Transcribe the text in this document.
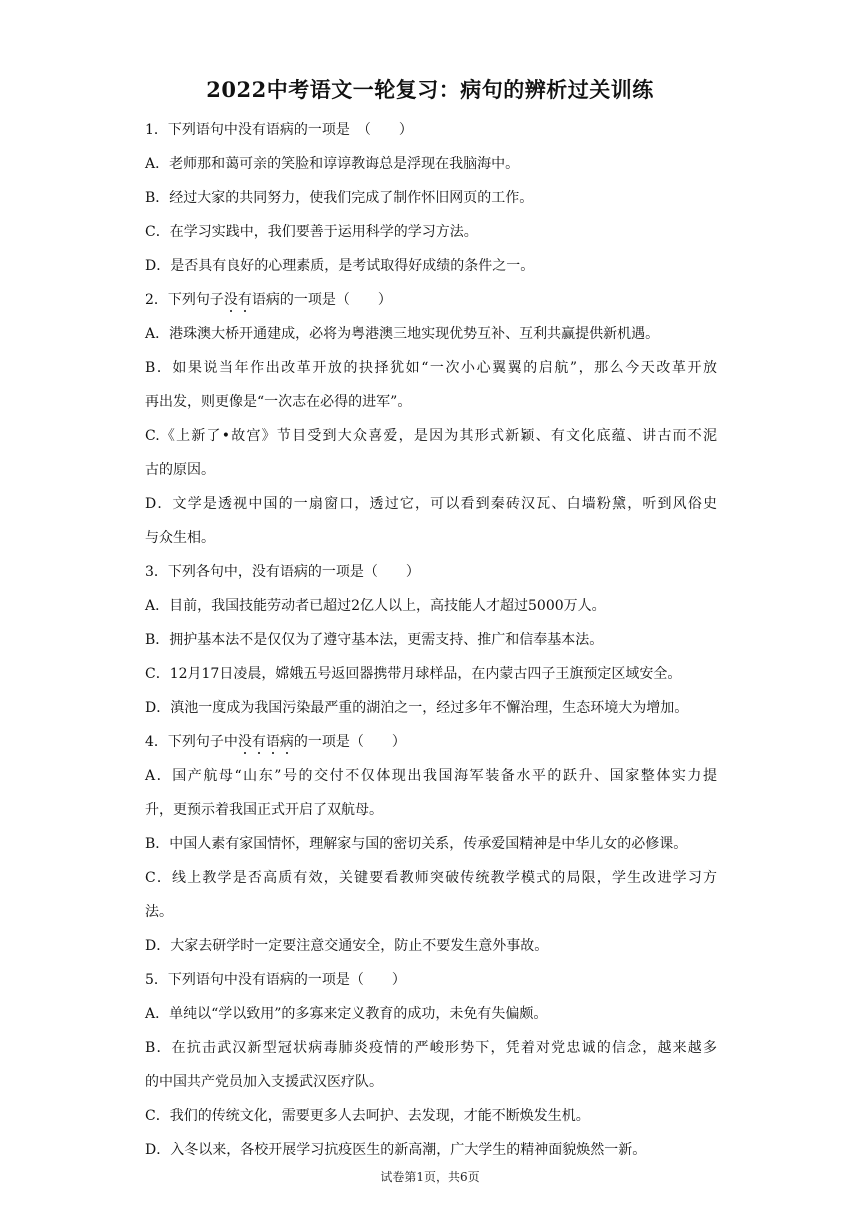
2022中考语文一轮复习：病句的辨析过关训练
1．下列语句中没有语病的一项是　（　　）
A．老师那和蔼可亲的笑脸和谆谆教诲总是浮现在我脑海中。
B．经过大家的共同努力，使我们完成了制作怀旧网页的工作。
C．在学习实践中，我们要善于运用科学的学习方法。
D．是否具有良好的心理素质，是考试取得好成绩的条件之一。
2．下列句子没有语病的一项是（　　）
A．港珠澳大桥开通建成，必将为粤港澳三地实现优势互补、互利共赢提供新机遇。
B．如果说当年作出改革开放的抉择犹如“一次小心翼翼的启航”，那么今天改革开放
再出发，则更像是“一次志在必得的进军”。
C.《上新了•故宫》节目受到大众喜爱，是因为其形式新颖、有文化底蕴、讲古而不泥
古的原因。
D．文学是透视中国的一扇窗口，透过它，可以看到秦砖汉瓦、白墙粉黛，听到风俗史
与众生相。
3．下列各句中，没有语病的一项是（　　）
A．目前，我国技能劳动者已超过2亿人以上，高技能人才超过5000万人。
B．拥护基本法不是仅仅为了遵守基本法，更需支持、推广和信奉基本法。
C．12月17日凌晨，嫦娥五号返回器携带月球样品，在内蒙古四子王旗预定区域安全。
D．滇池一度成为我国污染最严重的湖泊之一，经过多年不懈治理，生态环境大为增加。
4．下列句子中没有语病的一项是（　　）
A．国产航母“山东”号的交付不仅体现出我国海军装备水平的跃升、国家整体实力提
升，更预示着我国正式开启了双航母。
B．中国人素有家国情怀，理解家与国的密切关系，传承爱国精神是中华儿女的必修课。
C．线上教学是否高质有效，关键要看教师突破传统教学模式的局限，学生改进学习方
法。
D．大家去研学时一定要注意交通安全，防止不要发生意外事故。
5．下列语句中没有语病的一项是（　　）
A．单纯以“学以致用”的多寡来定义教育的成功，未免有失偏颇。
B．在抗击武汉新型冠状病毒肺炎疫情的严峻形势下，凭着对党忠诚的信念，越来越多
的中国共产党员加入支援武汉医疗队。
C．我们的传统文化，需要更多人去呵护、去发现，才能不断焕发生机。
D．入冬以来，各校开展学习抗疫医生的新高潮，广大学生的精神面貌焕然一新。
试卷第1页，共6页
